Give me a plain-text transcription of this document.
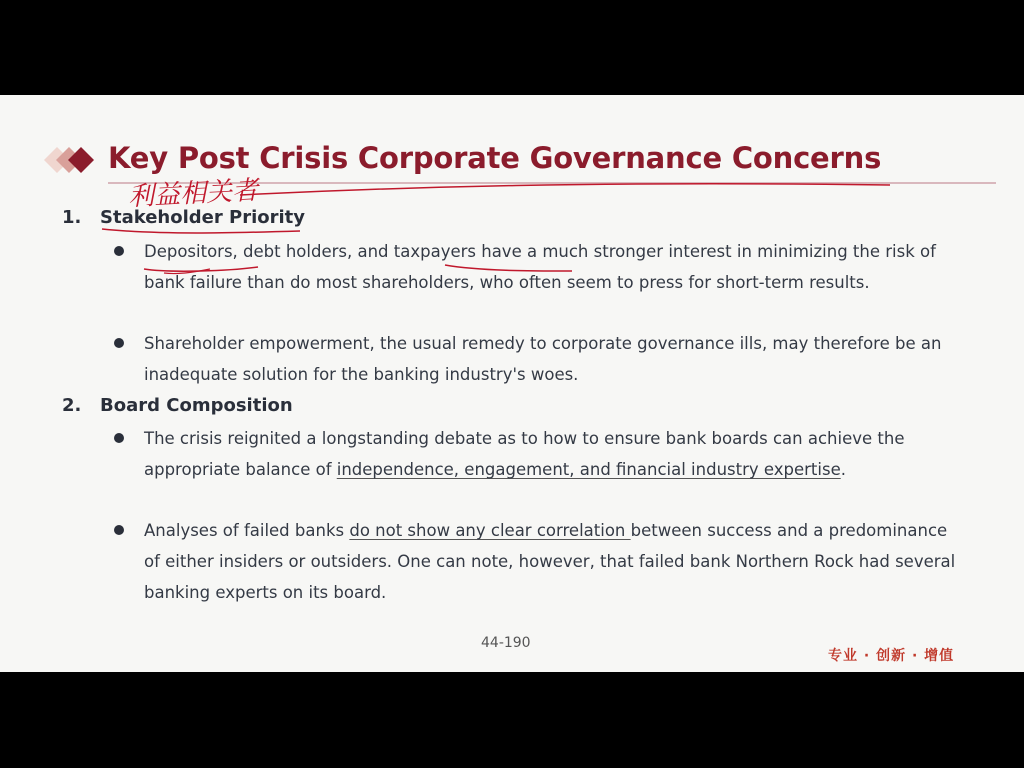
Key Post Crisis Corporate Governance Concerns
利益相关者
1. Stakeholder Priority
Depositors, debt holders, and taxpayers have a much stronger interest in minimizing the risk of bank failure than do most shareholders, who often seem to press for short-term results.
Shareholder empowerment, the usual remedy to corporate governance ills, may therefore be an inadequate solution for the banking industry's woes.
2. Board Composition
The crisis reignited a longstanding debate as to how to ensure bank boards can achieve the appropriate balance of independence, engagement, and financial industry expertise.
Analyses of failed banks do not show any clear correlation between success and a predominance of either insiders or outsiders. One can note, however, that failed bank Northern Rock had several banking experts on its board.
44-190
专业 · 创新 · 增值
